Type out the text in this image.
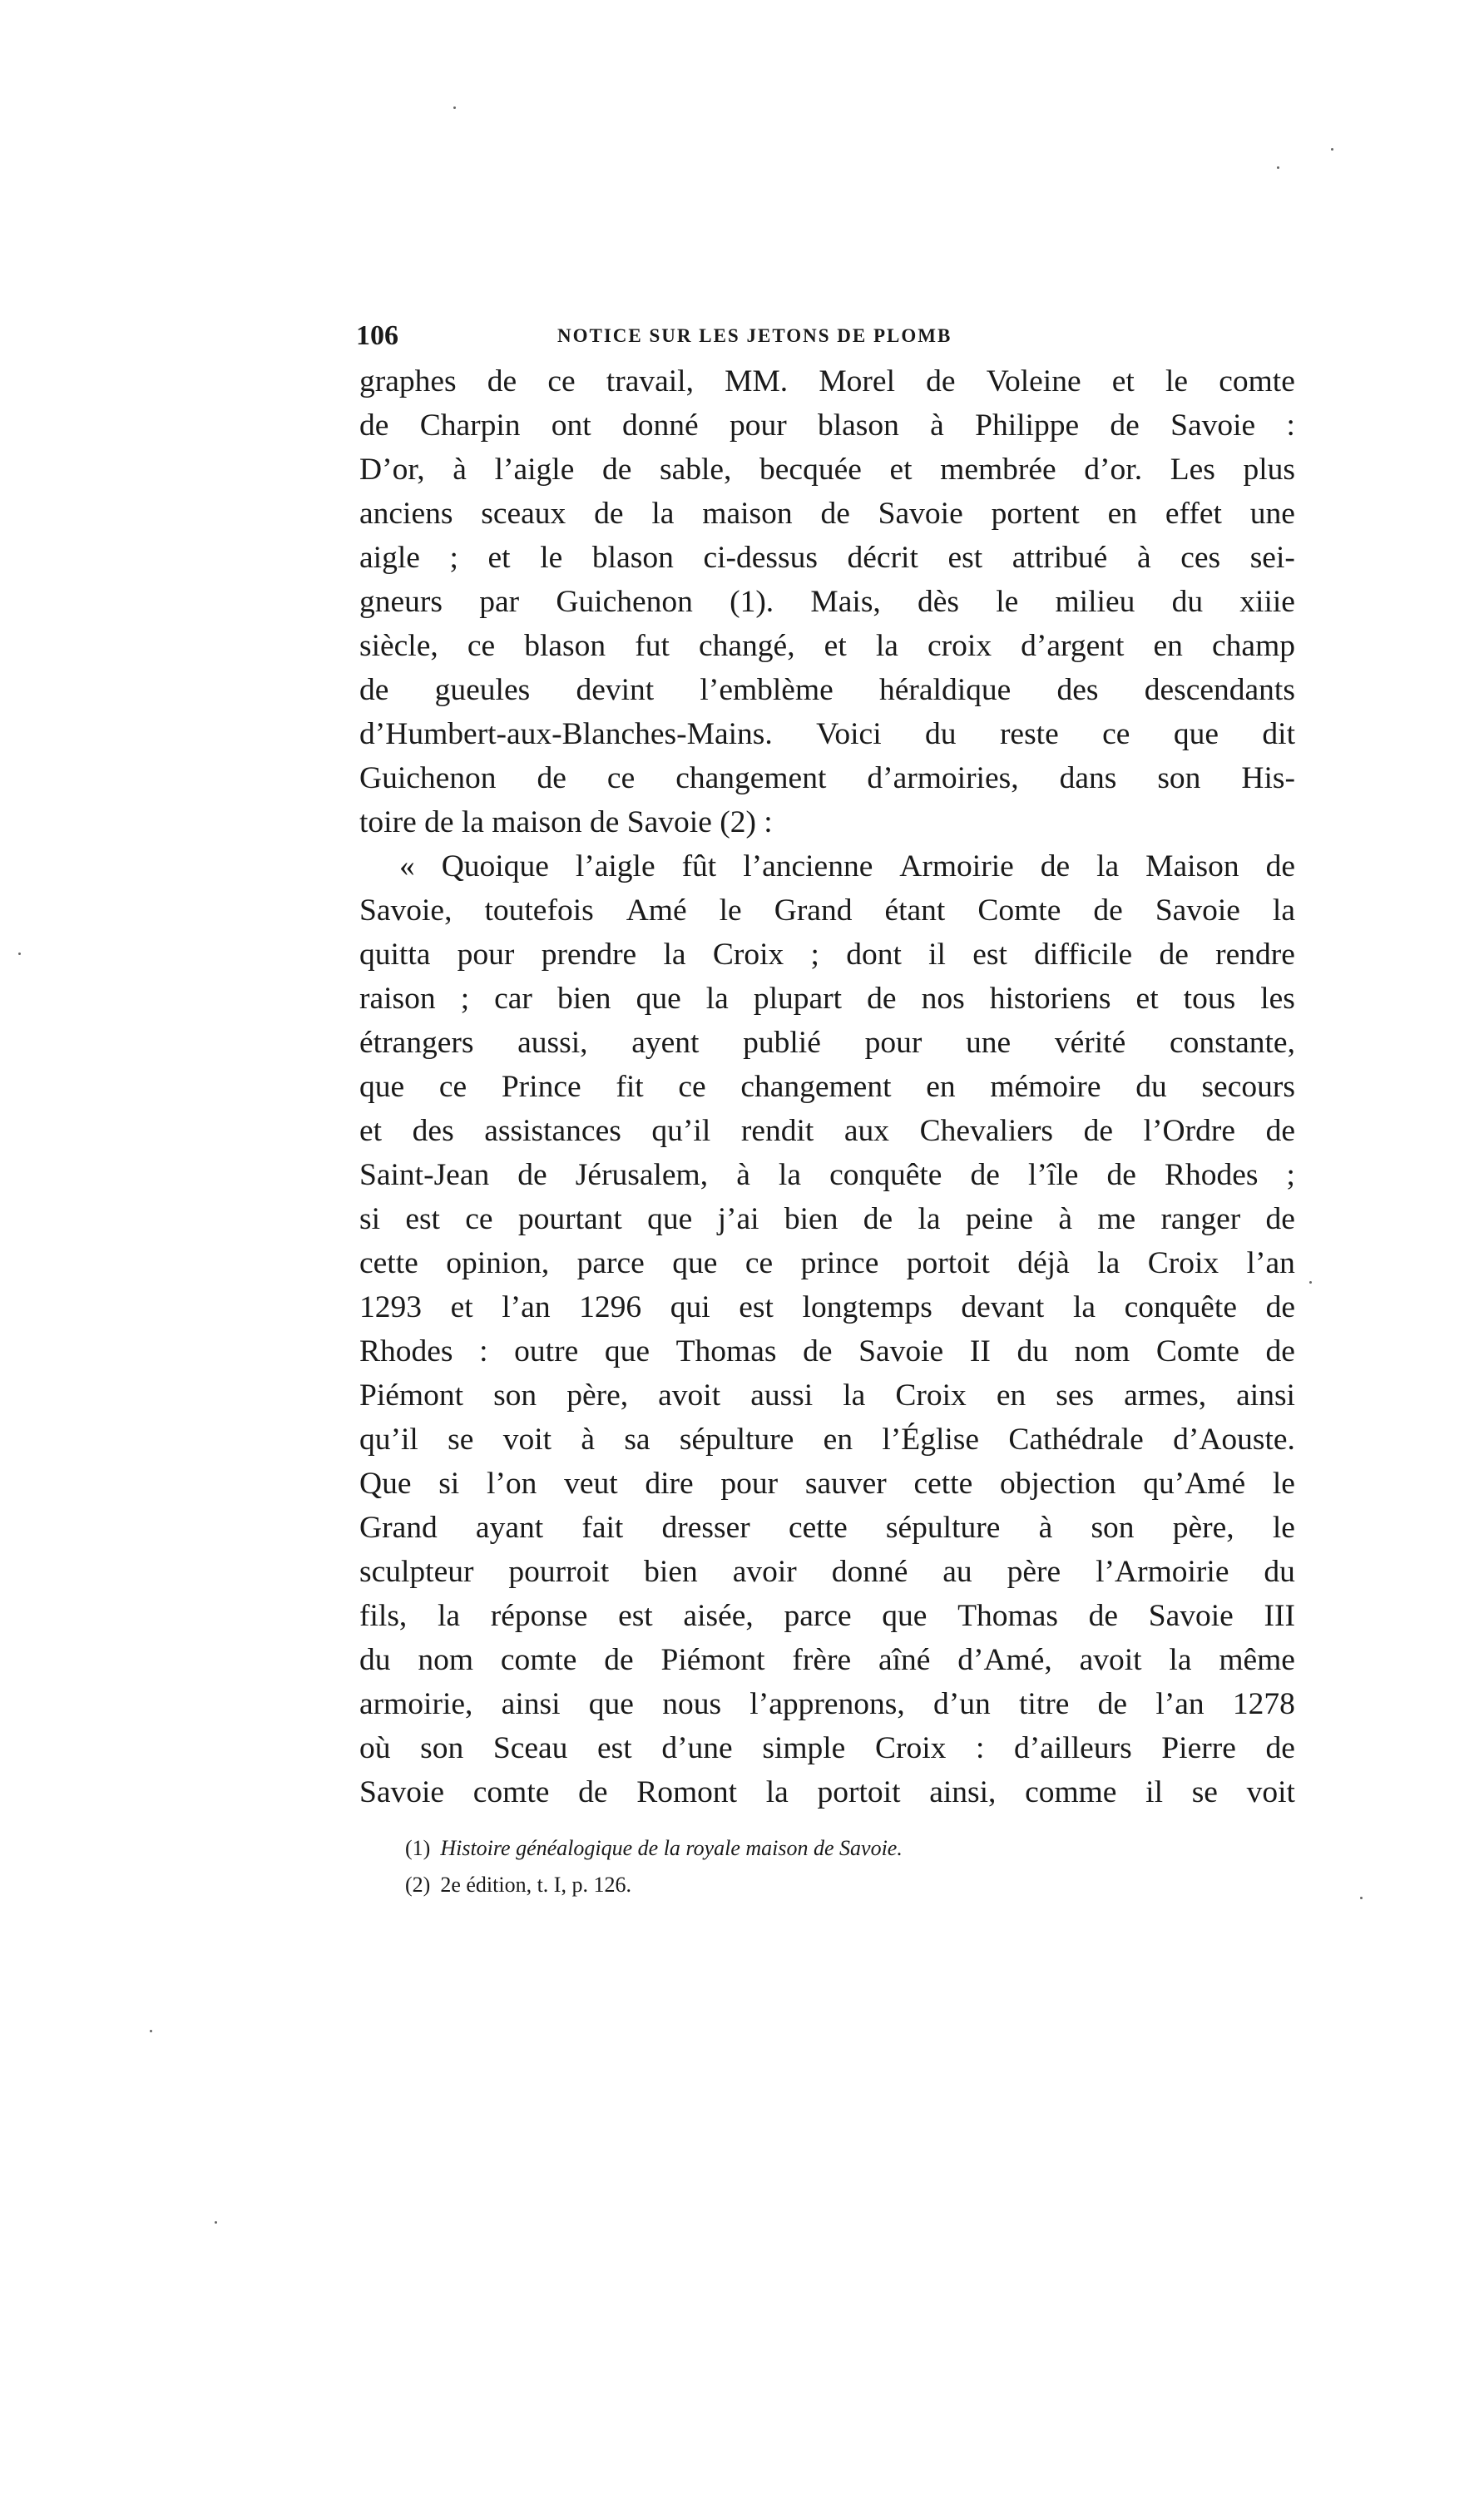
106	NOTICE SUR LES JETONS DE PLOMB
graphes de ce travail, MM. Morel de Voleine et le comte
de Charpin ont donné pour blason à Philippe de Savoie :
D’or, à l’aigle de sable, becquée et membrée d’or. Les plus
anciens sceaux de la maison de Savoie portent en effet une
aigle ; et le blason ci-dessus décrit est attribué à ces sei-
gneurs par Guichenon (1). Mais, dès le milieu du xiiie
siècle, ce blason fut changé, et la croix d’argent en champ
de gueules devint l’emblème héraldique des descendants
d’Humbert-aux-Blanches-Mains. Voici du reste ce que dit
Guichenon de ce changement d’armoiries, dans son His-
toire de la maison de Savoie (2) :
« Quoique l’aigle fût l’ancienne Armoirie de la Maison de
Savoie, toutefois Amé le Grand étant Comte de Savoie la
quitta pour prendre la Croix ; dont il est difficile de rendre
raison ; car bien que la plupart de nos historiens et tous les
étrangers aussi, ayent publié pour une vérité constante,
que ce Prince fit ce changement en mémoire du secours
et des assistances qu’il rendit aux Chevaliers de l’Ordre de
Saint-Jean de Jérusalem, à la conquête de l’île de Rhodes ;
si est ce pourtant que j’ai bien de la peine à me ranger de
cette opinion, parce que ce prince portoit déjà la Croix l’an
1293 et l’an 1296 qui est longtemps devant la conquête de
Rhodes : outre que Thomas de Savoie II du nom Comte de
Piémont son père, avoit aussi la Croix en ses armes, ainsi
qu’il se voit à sa sépulture en l’Église Cathédrale d’Aouste.
Que si l’on veut dire pour sauver cette objection qu’Amé le
Grand ayant fait dresser cette sépulture à son père, le
sculpteur pourroit bien avoir donné au père l’Armoirie du
fils, la réponse est aisée, parce que Thomas de Savoie III
du nom comte de Piémont frère aîné d’Amé, avoit la même
armoirie, ainsi que nous l’apprenons, d’un titre de l’an 1278
où son Sceau est d’une simple Croix : d’ailleurs Pierre de
Savoie comte de Romont la portoit ainsi, comme il se voit
(1) Histoire généalogique de la royale maison de Savoie.
(2) 2e édition, t. I, p. 126.
